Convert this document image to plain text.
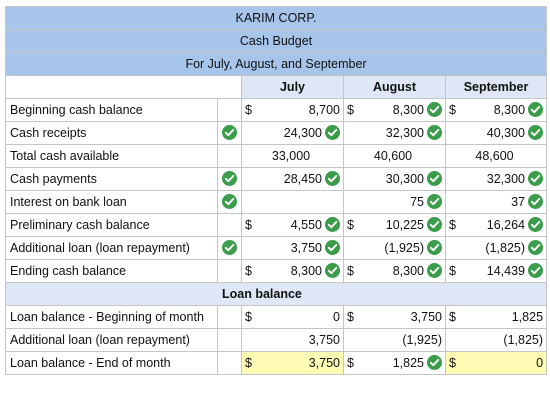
KARIM CORP.				
Cash Budget				
For July, August, and September				
		July	August	September
Beginning cash balance		$ 8,700	$ 8,300	$ 8,300

Cash receipts		24,300	32,300	40,300

Total cash available		33,000	40,600	48,600

Cash payments		28,450	30,300	32,300

Interest on bank loan			75	37

Preliminary cash balance		$ 4,550	$ 10,225	$ 16,264

Additional loan (loan repayment)		3,750	(1,925)	(1,825)

Ending cash balance		$ 8,300	$ 8,300	$ 14,439

Loan balance				
Loan balance - Beginning of month		$ 0	$ 3,750	$ 1,825

Additional loan (loan repayment)		3,750	(1,925)	(1,825)

Loan balance - End of month		$ 3,750	$ 1,825	$ 0
